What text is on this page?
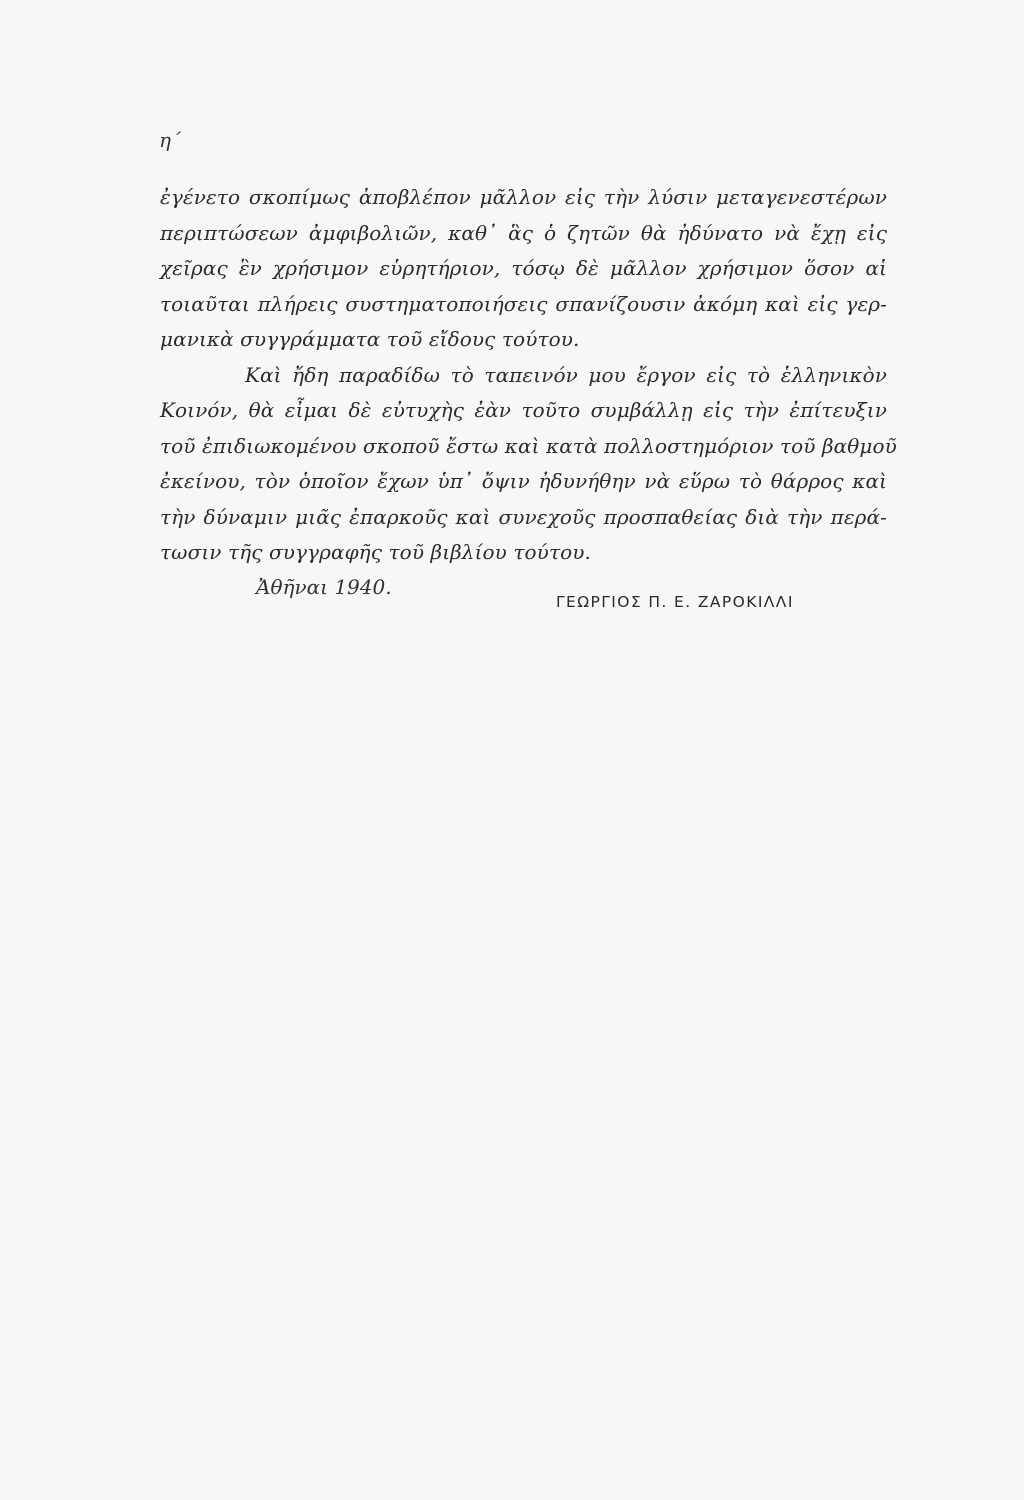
η΄
ἐγένετο σκοπίμως ἀποβλέπον μᾶλλον εἰς τὴν λύσιν μεταγενεστέρων
περιπτώσεων ἀμφιβολιῶν, καθ᾽ ἃς ὁ ζητῶν θὰ ἠδύνατο νὰ ἔχῃ εἰς
χεῖρας ἓν χρήσιμον εὑρητήριον, τόσῳ δὲ μᾶλλον χρήσιμον ὅσον αἱ
τοιαῦται πλήρεις συστηματοποιήσεις σπανίζουσιν ἀκόμη καὶ εἰς γερ-
μανικὰ συγγράμματα τοῦ εἴδους τούτου.
Καὶ ἤδη παραδίδω τὸ ταπεινόν μου ἔργον εἰς τὸ ἑλληνικὸν
Κοινόν, θὰ εἶμαι δὲ εὐτυχὴς ἐὰν τοῦτο συμβάλλῃ εἰς τὴν ἐπίτευξιν
τοῦ ἐπιδιωκομένου σκοποῦ ἔστω καὶ κατὰ πολλοστημόριον τοῦ βαθμοῦ
ἐκείνου, τὸν ὁποῖον ἔχων ὑπ᾽ ὄψιν ἠδυνήθην νὰ εὕρω τὸ θάρρος καὶ
τὴν δύναμιν μιᾶς ἐπαρκοῦς καὶ συνεχοῦς προσπαθείας διὰ τὴν περά-
τωσιν τῆς συγγραφῆς τοῦ βιβλίου τούτου.
Ἀθῆναι 1940.
ΓΕΩΡΓΙΟΣ Π. Ε. ΖΑΡΟΚΙΛΛΙ
